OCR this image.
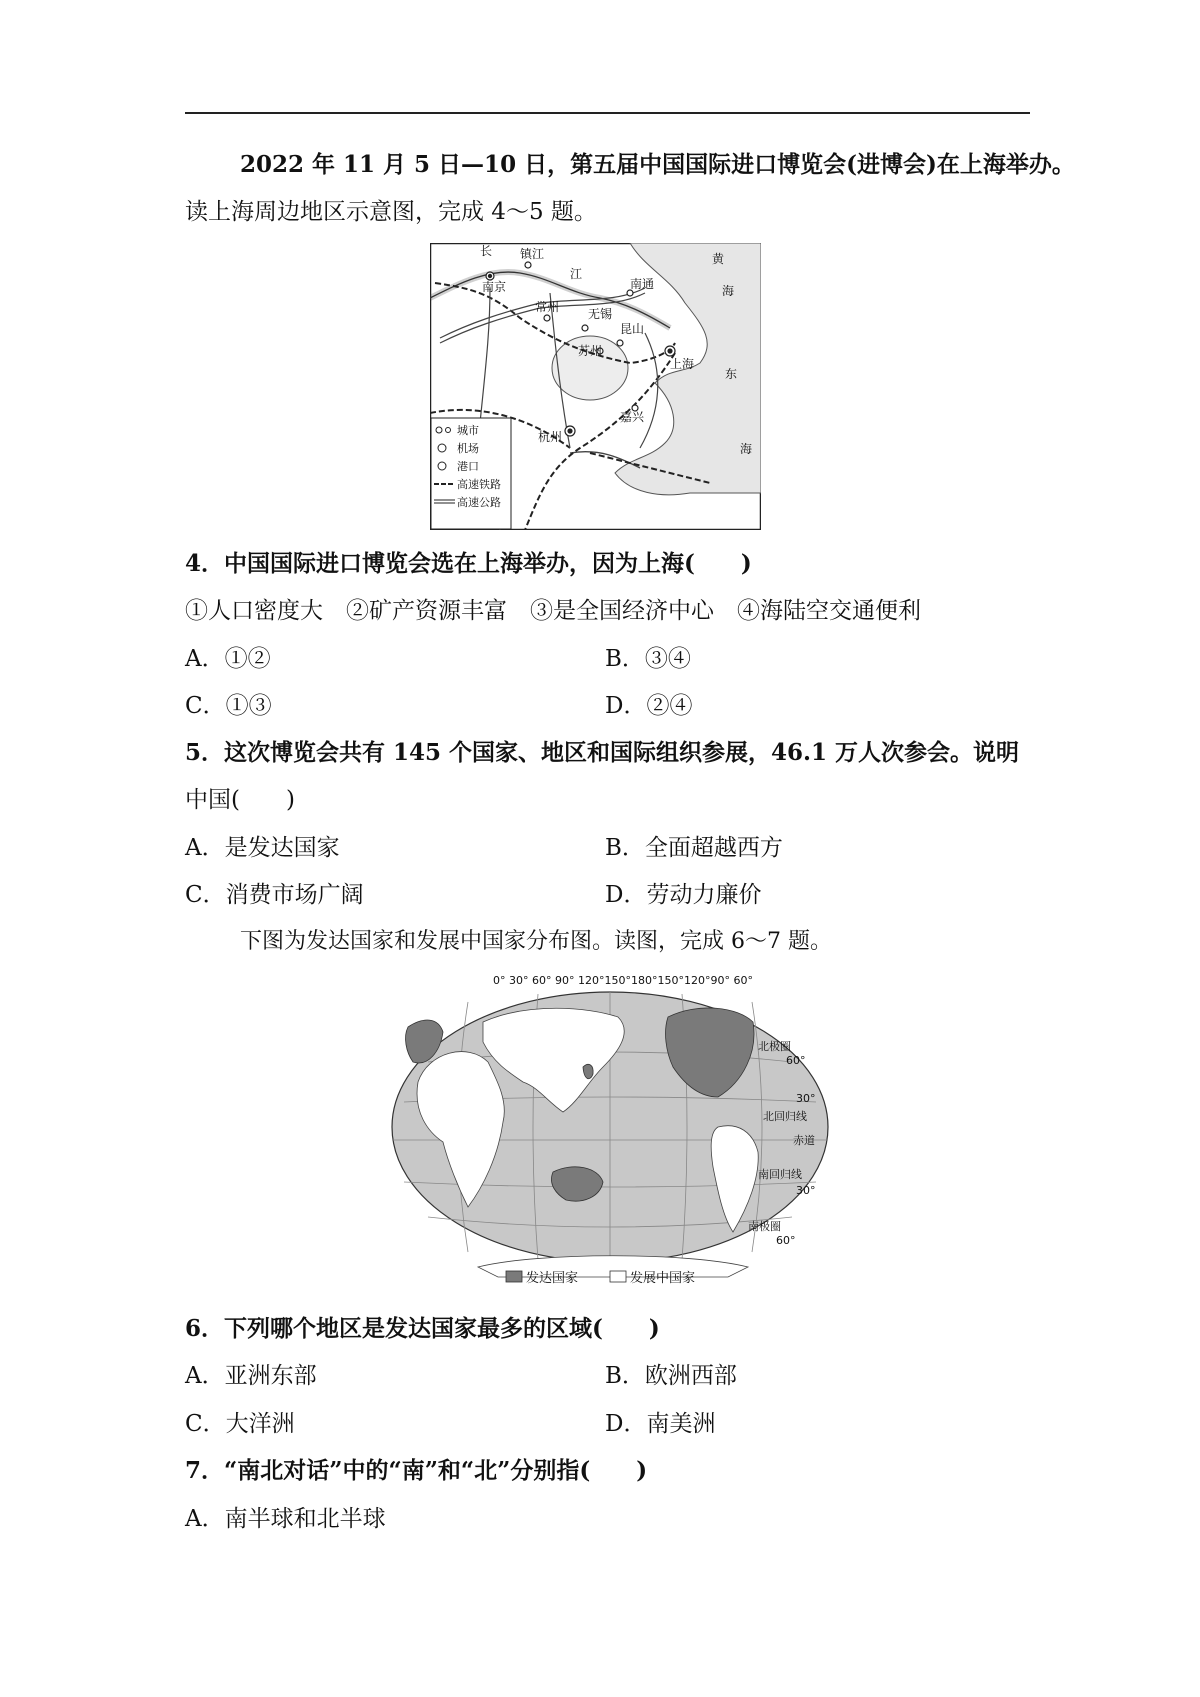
2022 年 11 月 5 日—10 日，第五届中国国际进口博览会(进博会)在上海举办。
读上海周边地区示意图，完成 4～5 题。
南京
镇江
南通
常州 无锡
昆山
苏州
上海
嘉兴
杭州
长
江
黄
海
东
海
城市
机场
港口
高速铁路
高速公路
4．中国国际进口博览会选在上海举办，因为上海(　　)
①人口密度大　②矿产资源丰富　③是全国经济中心　④海陆空交通便利
A．①②	B．③④
C．①③	D．②④
5．这次博览会共有 145 个国家、地区和国际组织参展，46.1 万人次参会。说明
中国(　　)
A．是发达国家	B．全面超越西方
C．消费市场广阔	D．劳动力廉价
下图为发达国家和发展中国家分布图。读图，完成 6～7 题。
0° 30° 60° 90° 120°150°180°150°120°90° 60°
北极圈
60°
30°
北回归线
赤道
南回归线
30°
南极圈
60°
发达国家	发展中国家
6．下列哪个地区是发达国家最多的区域(　　)
A．亚洲东部	B．欧洲西部
C．大洋洲	D．南美洲
7．“南北对话”中的“南”和“北”分别指(　　)
A．南半球和北半球
